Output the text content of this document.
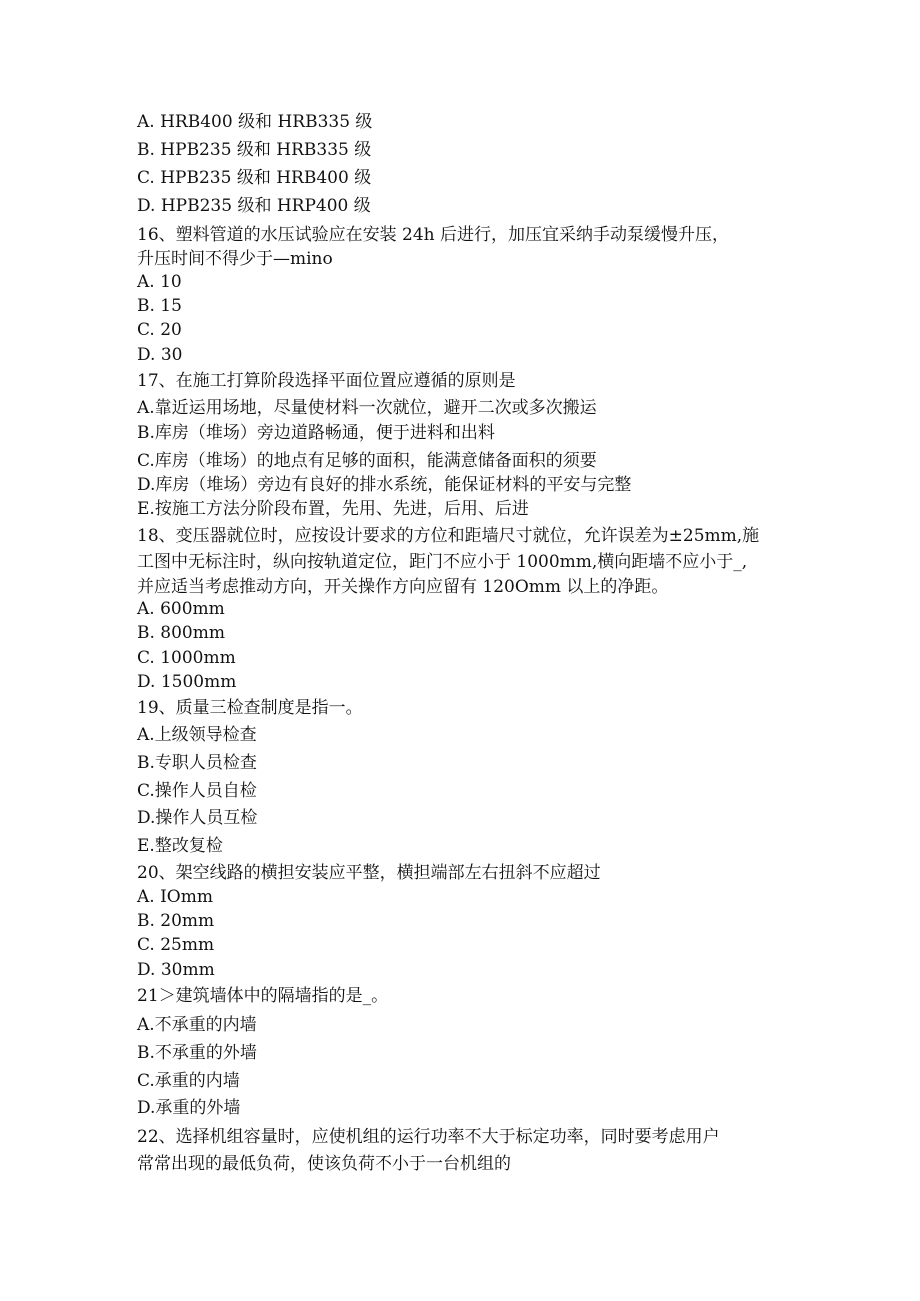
A. HRB400 级和 HRB335 级
B. HPB235 级和 HRB335 级
C. HPB235 级和 HRB400 级
D. HPB235 级和 HRP400 级
16、塑料管道的水压试验应在安装 24h 后进行，加压宜采纳手动泵缓慢升压，
升压时间不得少于—mino
A. 10
B. 15
C. 20
D. 30
17、在施工打算阶段选择平面位置应遵循的原则是
A.靠近运用场地，尽量使材料一次就位，避开二次或多次搬运
B.库房（堆场）旁边道路畅通，便于进料和出料
C.库房（堆场）的地点有足够的面积，能满意储备面积的须要
D.库房（堆场）旁边有良好的排水系统，能保证材料的平安与完整
E.按施工方法分阶段布置，先用、先进，后用、后进
18、变压器就位时，应按设计要求的方位和距墙尺寸就位，允许误差为±25mm,施
工图中无标注时，纵向按轨道定位，距门不应小于 1000mm,横向距墙不应小于_,
并应适当考虑推动方向，开关操作方向应留有 120Omm 以上的净距。
A. 600mm
B. 800mm
C. 1000mm
D. 1500mm
19、质量三检查制度是指一。
A.上级领导检查
B.专职人员检查
C.操作人员自检
D.操作人员互检
E.整改复检
20、架空线路的横担安装应平整，横担端部左右扭斜不应超过
A. IOmm
B. 20mm
C. 25mm
D. 30mm
21＞建筑墙体中的隔墙指的是_。
A.不承重的内墙
B.不承重的外墙
C.承重的内墙
D.承重的外墙
22、选择机组容量时，应使机组的运行功率不大于标定功率，同时要考虑用户
常常出现的最低负荷，使该负荷不小于一台机组的
